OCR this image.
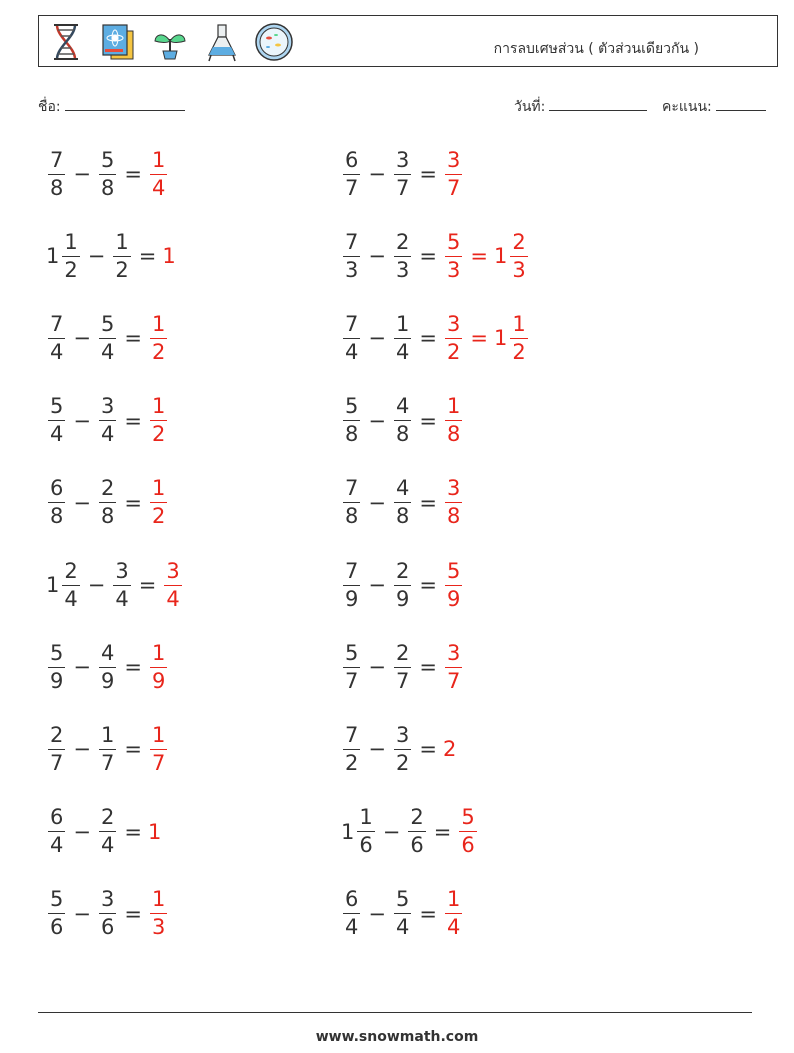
การลบเศษส่วน ( ตัวส่วนเดียวกัน )
ชื่อ:	วันที่:	คะแนน:
$\frac{7}{8} - \frac{5}{8} = \frac{1}{4}$	$\frac{6}{7} - \frac{3}{7} = \frac{3}{7}$
$1 \frac{1}{2} - \frac{1}{2} = 1$	$\frac{7}{3} - \frac{2}{3} = \frac{5}{3} = 1 \frac{2}{3}$
$\frac{7}{4} - \frac{5}{4} = \frac{1}{2}$	$\frac{7}{4} - \frac{1}{4} = \frac{3}{2} = 1 \frac{1}{2}$
$\frac{5}{4} - \frac{3}{4} = \frac{1}{2}$	$\frac{5}{8} - \frac{4}{8} = \frac{1}{8}$
$\frac{6}{8} - \frac{2}{8} = \frac{1}{2}$	$\frac{7}{8} - \frac{4}{8} = \frac{3}{8}$
$1 \frac{2}{4} - \frac{3}{4} = \frac{3}{4}$	$\frac{7}{9} - \frac{2}{9} = \frac{5}{9}$
$\frac{5}{9} - \frac{4}{9} = \frac{1}{9}$	$\frac{5}{7} - \frac{2}{7} = \frac{3}{7}$
$\frac{2}{7} - \frac{1}{7} = \frac{1}{7}$	$\frac{7}{2} - \frac{3}{2} = 2$
$\frac{6}{4} - \frac{2}{4} = 1$	$1 \frac{1}{6} - \frac{2}{6} = \frac{5}{6}$
$\frac{5}{6} - \frac{3}{6} = \frac{1}{3}$	$\frac{6}{4} - \frac{5}{4} = \frac{1}{4}$
www.snowmath.com
